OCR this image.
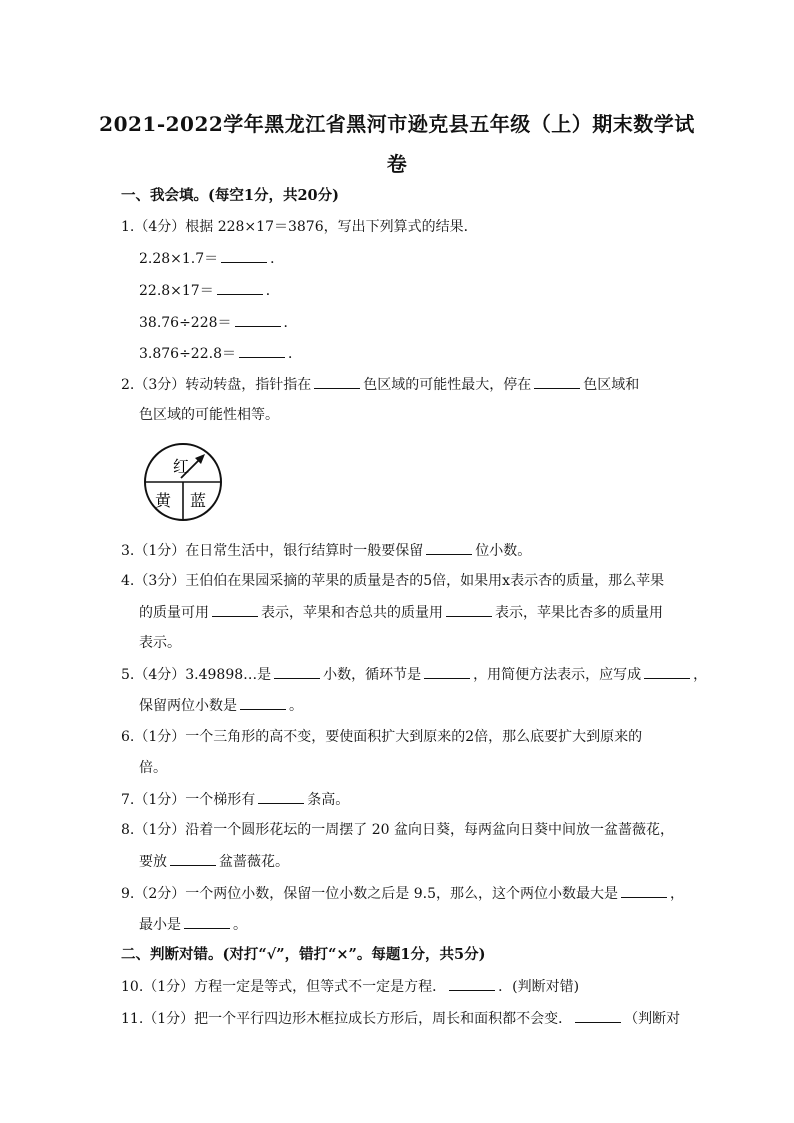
2021-2022学年黑龙江省黑河市逊克县五年级（上）期末数学试
卷
一、我会填。(每空1分，共20分)
1.（4分）根据 228×17＝3876，写出下列算式的结果．
2.28×1.7＝	．
22.8×17＝	．
38.76÷228＝	．
3.876÷22.8＝	．
2.（3分）转动转盘，指针指在	色区域的可能性最大，停在	色区域和
色区域的可能性相等。
红
黄 蓝
3.（1分）在日常生活中，银行结算时一般要保留	位小数。
4.（3分）王伯伯在果园采摘的苹果的质量是杏的5倍，如果用x表示杏的质量，那么苹果
的质量可用	表示，苹果和杏总共的质量用	表示，苹果比杏多的质量用
表示。
5.（4分）3.49898…是	小数，循环节是	，用简便方法表示，应写成	，
保留两位小数是	。
6.（1分）一个三角形的高不变，要使面积扩大到原来的2倍，那么底要扩大到原来的
倍。
7.（1分）一个梯形有	条高。
8.（1分）沿着一个圆形花坛的一周摆了 20 盆向日葵，每两盆向日葵中间放一盆蔷薇花，
要放	盆蔷薇花。
9.（2分）一个两位小数，保留一位小数之后是 9.5，那么，这个两位小数最大是	，
最小是	。
二、判断对错。(对打“√”，错打“×”。每题1分，共5分)
10.（1分）方程一定是等式，但等式不一定是方程．	．(判断对错)
11.（1分）把一个平行四边形木框拉成长方形后，周长和面积都不会变．	（判断对
